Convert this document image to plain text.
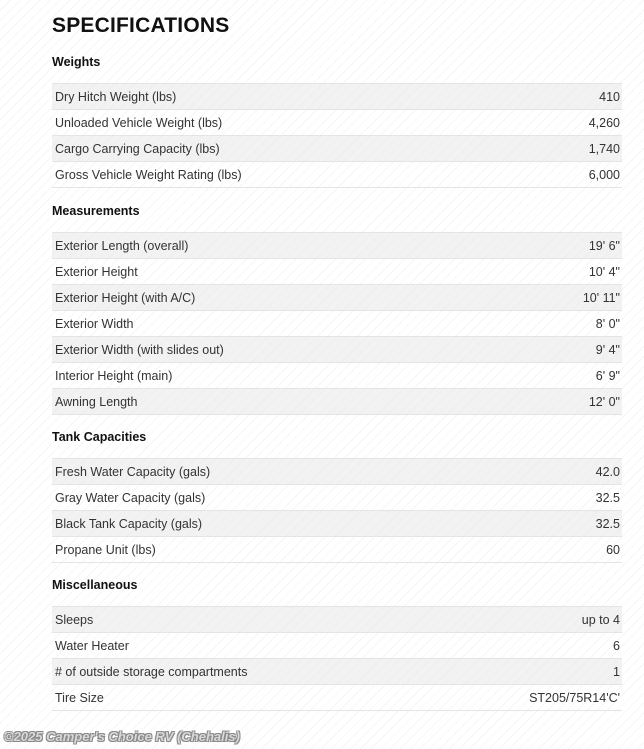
SPECIFICATIONS
Weights
Dry Hitch Weight (lbs)	410
Unloaded Vehicle Weight (lbs)	4,260
Cargo Carrying Capacity (lbs)	1,740
Gross Vehicle Weight Rating (lbs)	6,000
Measurements
Exterior Length (overall)	19' 6"
Exterior Height	10' 4"
Exterior Height (with A/C)	10' 11"
Exterior Width	8' 0"
Exterior Width (with slides out)	9' 4"
Interior Height (main)	6' 9"
Awning Length	12' 0"
Tank Capacities
Fresh Water Capacity (gals)	42.0
Gray Water Capacity (gals)	32.5
Black Tank Capacity (gals)	32.5
Propane Unit (lbs)	60
Miscellaneous
Sleeps	up to 4
Water Heater	6
# of outside storage compartments	1
Tire Size	ST205/75R14'C'
©2025 Camper's Choice RV (Chehalis)
